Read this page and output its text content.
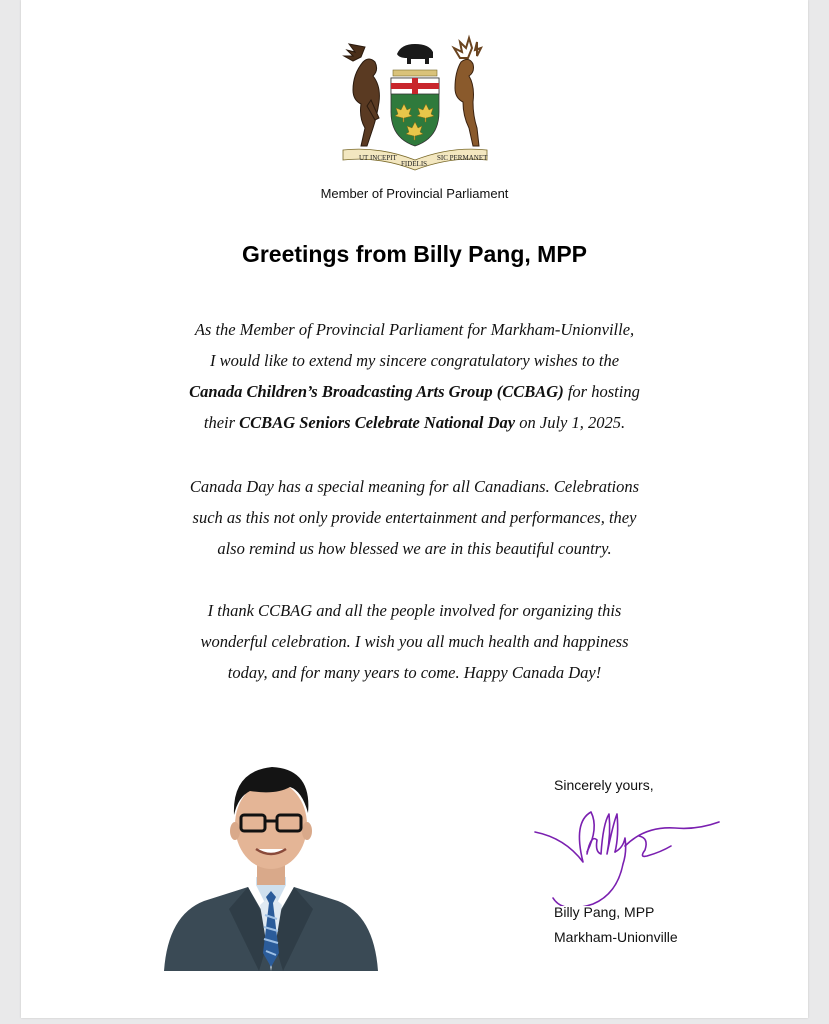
UT INCEPIT
FIDELIS
SIC PERMANET
Member of Provincial Parliament
Greetings from Billy Pang, MPP
As the Member of Provincial Parliament for Markham-Unionville,
I would like to extend my sincere congratulatory wishes to the
Canada Children’s Broadcasting Arts Group (CCBAG) for hosting
their CCBAG Seniors Celebrate National Day on July 1, 2025.
Canada Day has a special meaning for all Canadians. Celebrations
such as this not only provide entertainment and performances, they
also remind us how blessed we are in this beautiful country.
I thank CCBAG and all the people involved for organizing this
wonderful celebration. I wish you all much health and happiness
today, and for many years to come. Happy Canada Day!
Sincerely yours,
Billy Pang, MPP
Markham-Unionville
